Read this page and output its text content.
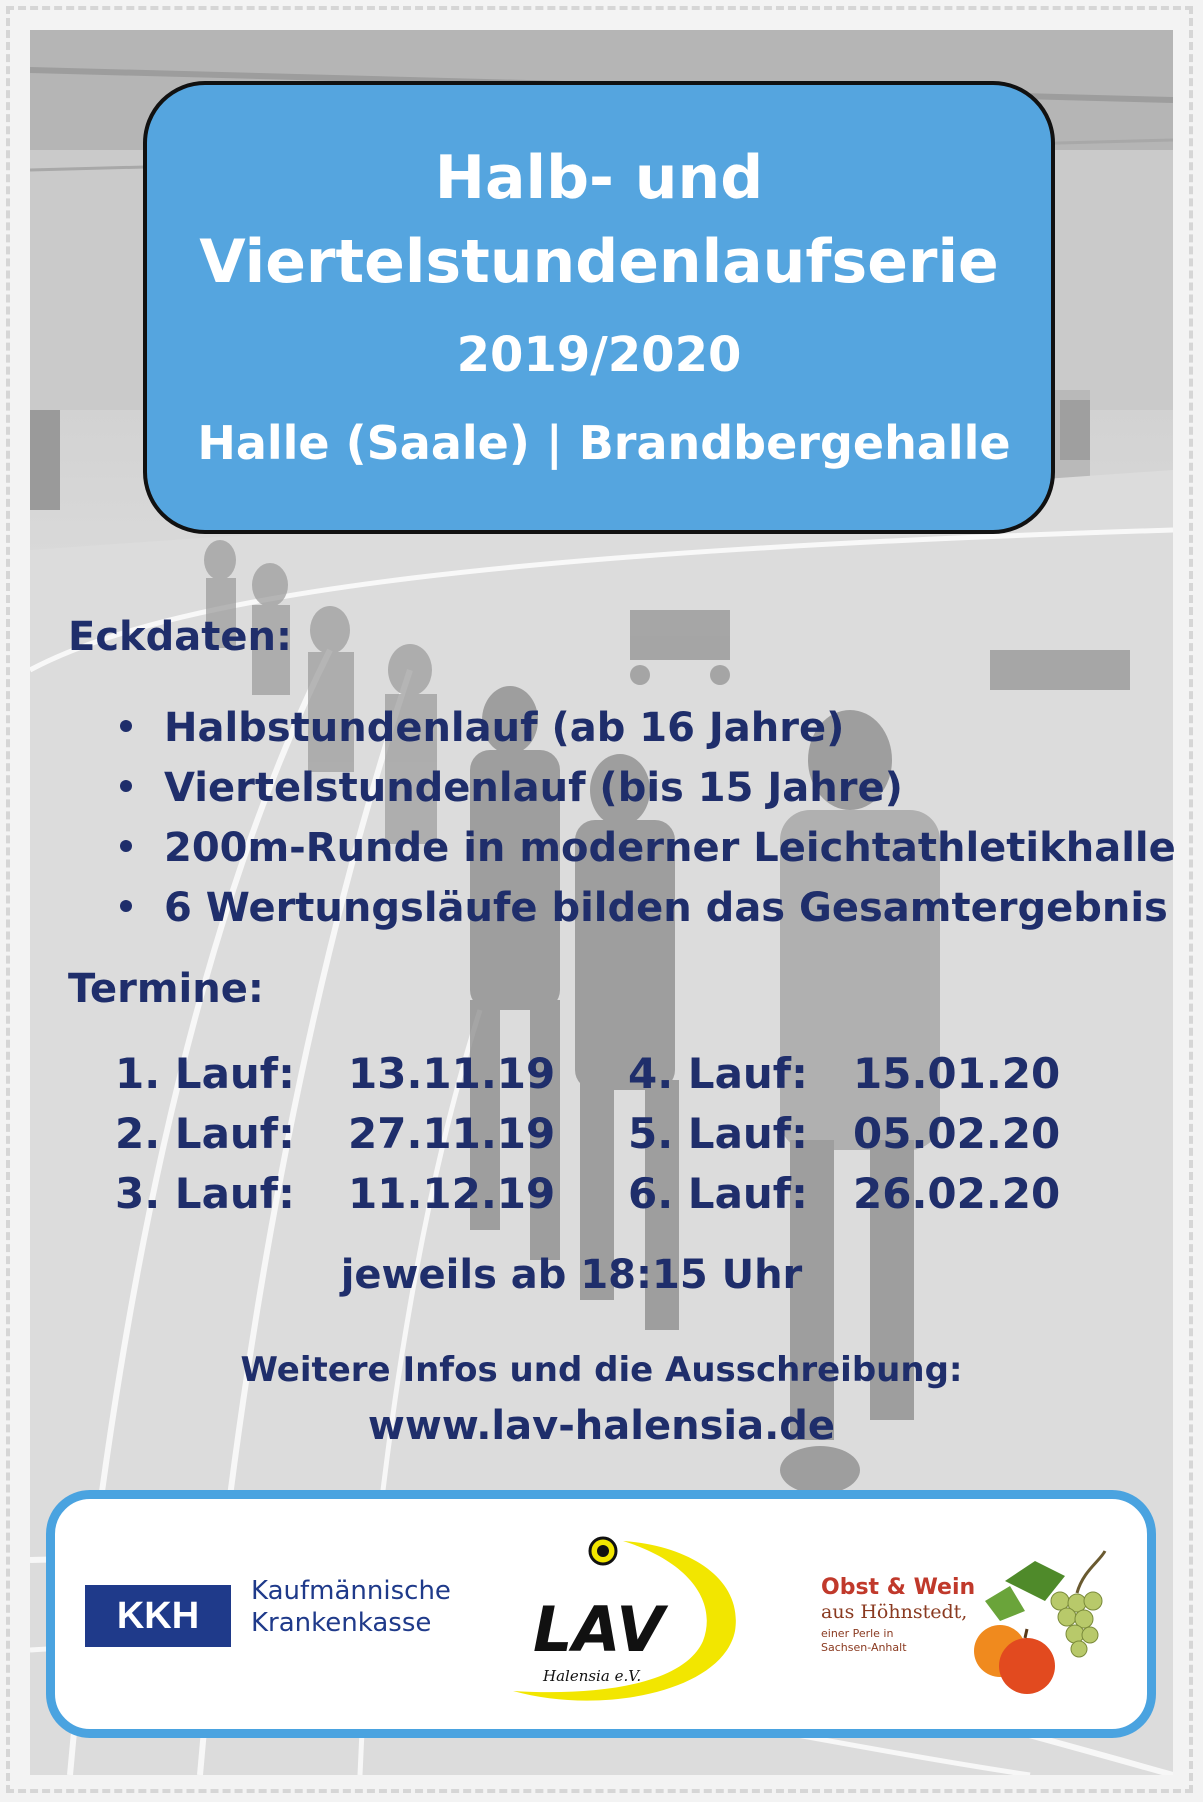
Halb- und
Viertelstundenlaufserie
2019/2020
Halle (Saale) | Brandbergehalle
Eckdaten:
Halbstundenlauf (ab 16 Jahre)
Viertelstundenlauf (bis 15 Jahre)
200m-Runde in moderner Leichtathletikhalle
6 Wertungsläufe bilden das Gesamtergebnis
Termine:
1. Lauf: 13.11.19
2. Lauf: 27.11.19
3. Lauf: 11.12.19
4. Lauf: 15.01.20
5. Lauf: 05.02.20
6. Lauf: 26.02.20
jeweils ab 18:15 Uhr
Weitere Infos und die Ausschreibung:
www.lav-halensia.de
KKH
Kaufmännische
Krankenkasse	LAV
Halensia e.V.
Obst & Wein
aus Höhnstedt,
einer Perle in
Sachsen-Anhalt
